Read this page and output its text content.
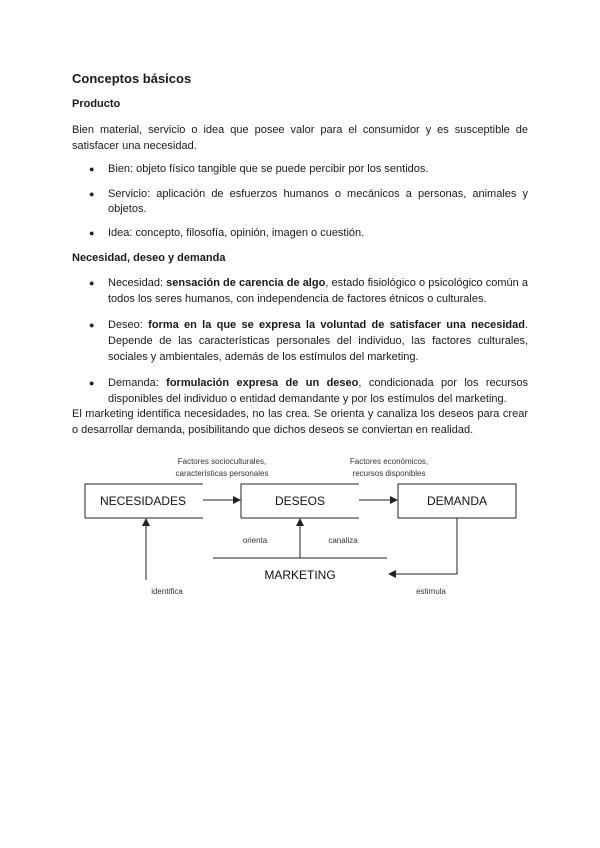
Conceptos básicos
Producto

Bien material, servicio o idea que posee valor para el consumidor y es susceptible de satisfacer una necesidad.

● Bien: objeto físico tangible que se puede percibir por los sentidos.
● Servicio: aplicación de esfuerzos humanos o mecánicos a personas, animales y objetos.
● Idea: concepto, filosofía, opinión, imagen o cuestión.
Necesidad, deseo y demanda
● Necesidad: sensación de carencia de algo, estado fisiológico o psicológico común a todos los seres humanos, con independencia de factores étnicos o culturales.
● Deseo: forma en la que se expresa la voluntad de satisfacer una necesidad. Depende de las características personales del individuo, las factores culturales, sociales y ambientales, además de los estímulos del marketing.
● Demanda: formulación expresa de un deseo, condicionada por los recursos disponibles del individuo o entidad demandante y por los estímulos del marketing.

El marketing identifica necesidades, no las crea. Se orienta y canaliza los deseos para crear o desarrollar demanda, posibilitando que dichos deseos se conviertan en realidad.

Factores socioculturales,
características personales
Factores económicos,
recursos disponibles
NECESIDADES	DESEOS	DEMANDA
MARKETING
orienta	canaliza
identifica	estimula
